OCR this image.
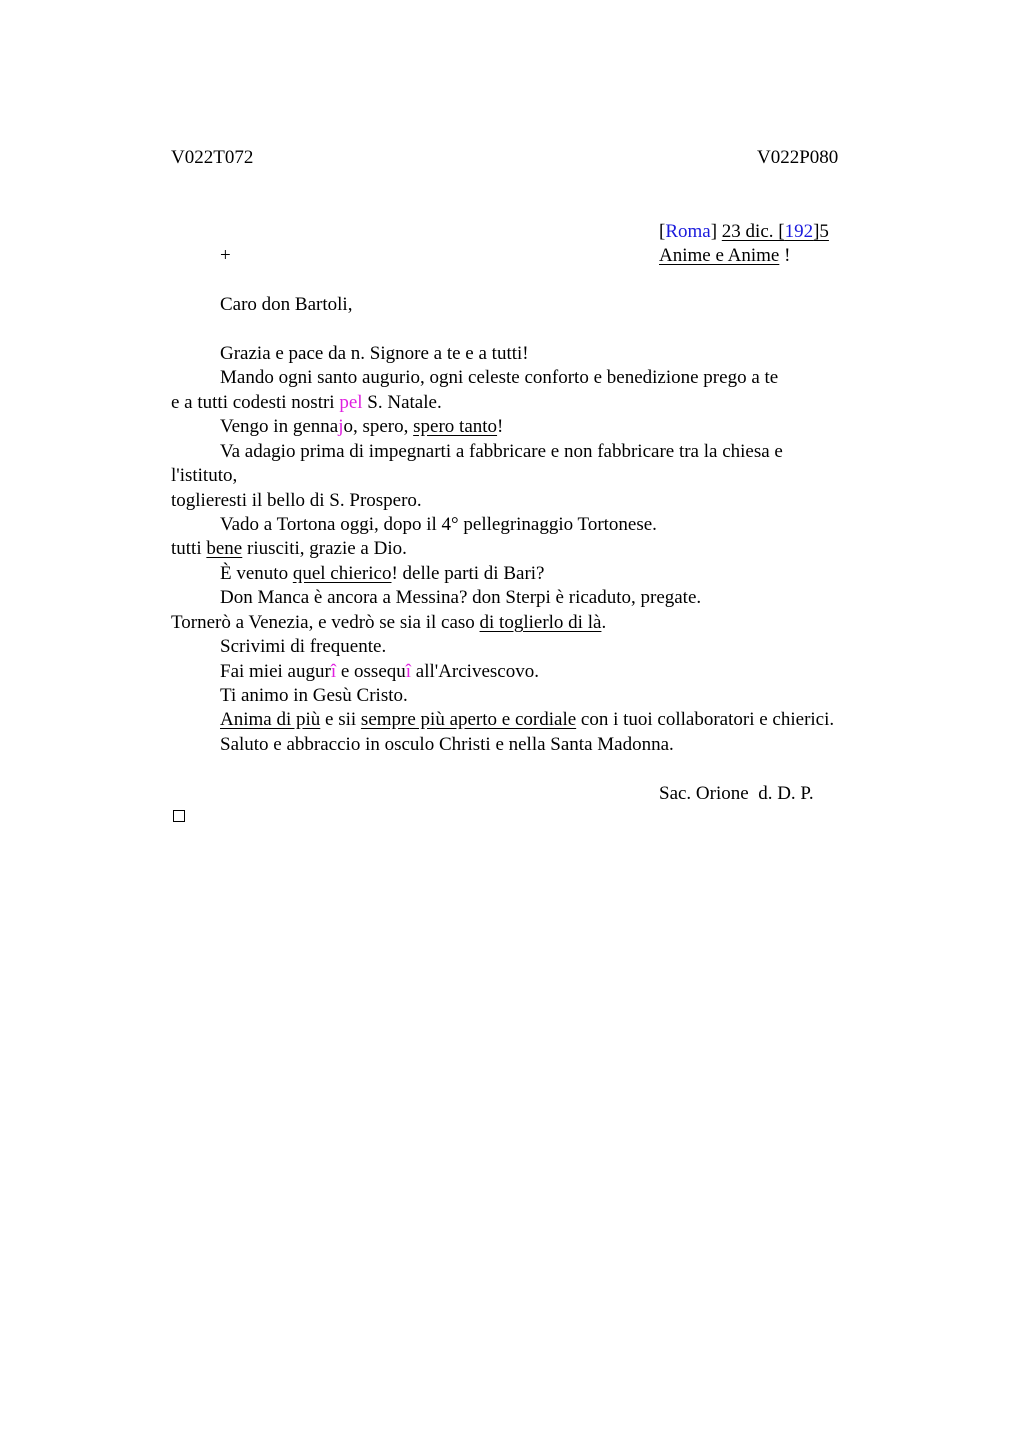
V022T072	V022P080
[Roma] 23 dic. [192]5
Anime e Anime !
+
Caro don Bartoli,
Grazia e pace da n. Signore a te e a tutti!
Mando ogni santo augurio, ogni celeste conforto e benedizione prego a te
e a tutti codesti nostri pel S. Natale.
Vengo in gennajo, spero, spero tanto!
Va adagio prima di impegnarti a fabbricare e non fabbricare tra la chiesa e
l'istituto,
toglieresti il bello di S. Prospero.
Vado a Tortona oggi, dopo il 4° pellegrinaggio Tortonese.
tutti bene riusciti, grazie a Dio.
È venuto quel chierico! delle parti di Bari?
Don Manca è ancora a Messina? don Sterpi è ricaduto, pregate.
Tornerò a Venezia, e vedrò se sia il caso di toglierlo di là.
Scrivimi di frequente.
Fai miei augurî e ossequî all'Arcivescovo.
Ti animo in Gesù Cristo.
Anima di più e sii sempre più aperto e cordiale con i tuoi collaboratori e chierici.
Saluto e abbraccio in osculo Christi e nella Santa Madonna.
Sac. Orione  d. D. P.
